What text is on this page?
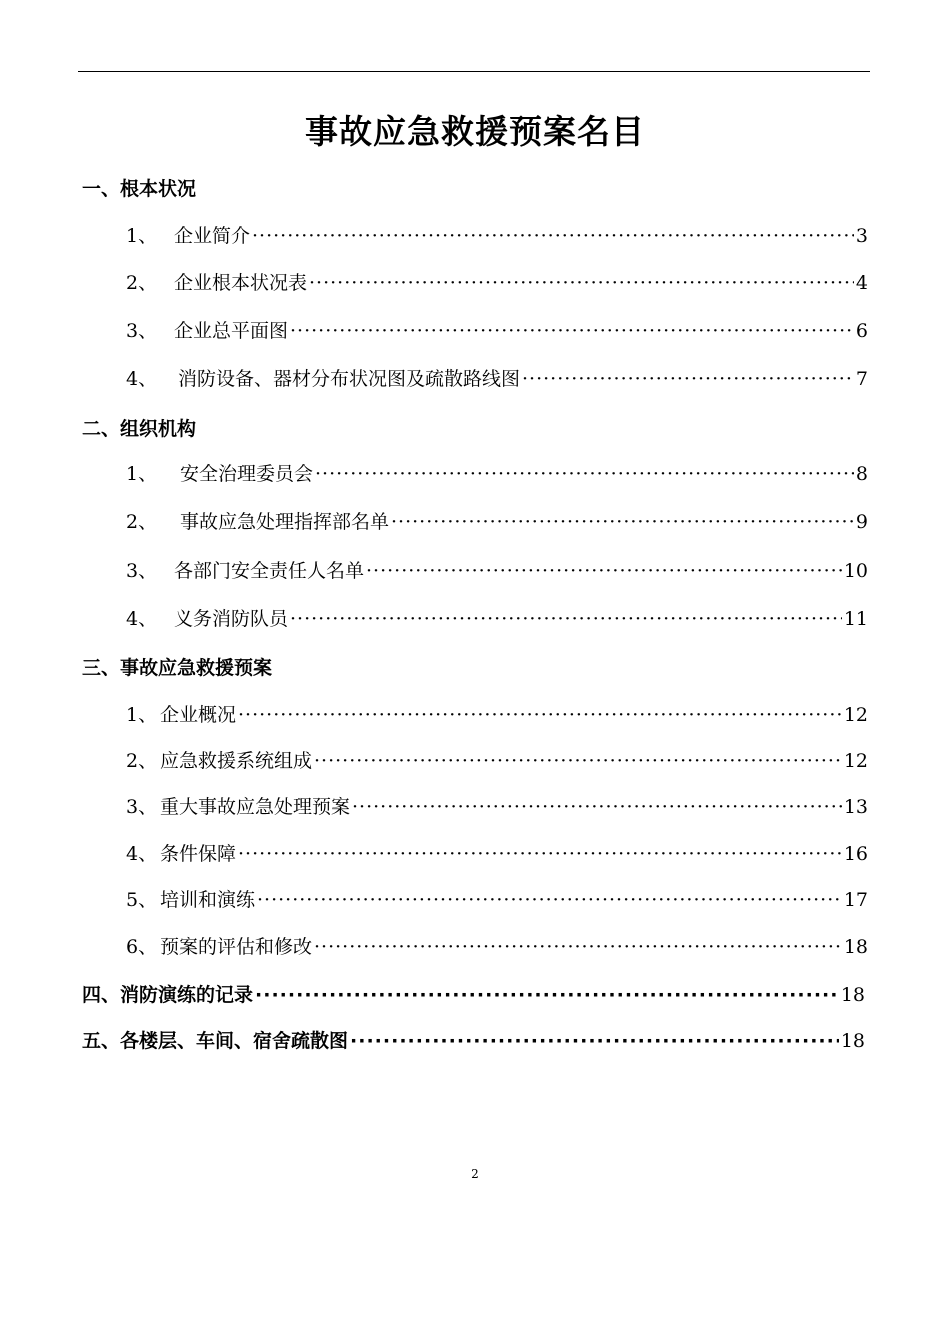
事故应急救援预案名目
一、根本状况
1、 企业简介 ·····	3
2、 企业根本状况表 ·····	4
3、 企业总平面图 ·····	6
4、	消防设备、器材分布状况图及疏散路线图 ·····	7
二、组织机构
1、	安全治理委员会 ·····	8
2、	事故应急处理指挥部名单 ·····	9
3、 各部门安全责任人名单 ·····	10
4、 义务消防队员 ·····	11
三、事故应急救援预案
1、 企业概况 ·····	12
2、 应急救援系统组成 ·····	12
3、 重大事故应急处理预案 ·····	13
4、 条件保障 ·····	16
5、 培训和演练 ·····	17
6、 预案的评估和修改 ·····	18
四、消防演练的记录 ·····	18
五、各楼层、车间、宿舍疏散图 ·····	18
2
